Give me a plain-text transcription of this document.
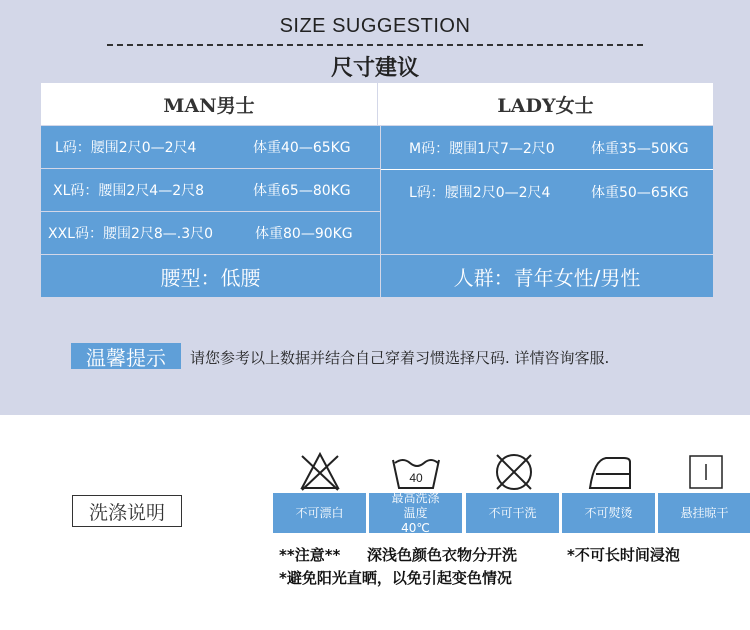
SIZE SUGGESTION
尺寸建议
MAN男士	LADY女士
L码：腰围2尺0—2尺4	体重40—65KG
XL码：腰围2尺4—2尺8	体重65—80KG
XXL码：腰围2尺8—.3尺0	体重80—90KG
M码：腰围1尺7—2尺0	体重35—50KG
L码：腰围2尺0—2尺4	体重50—65KG
腰型：低腰	人群：青年女性/男性
温馨提示	请您参考以上数据并结合自己穿着习惯选择尺码. 详情咨询客服.
洗涤说明
40
不可漂白
最高洗涤温度40℃
不可干洗	不可熨烫	悬挂晾干
**注意** 深浅色颜色衣物分开洗	*不可长时间浸泡
*避免阳光直晒，以免引起变色情况
